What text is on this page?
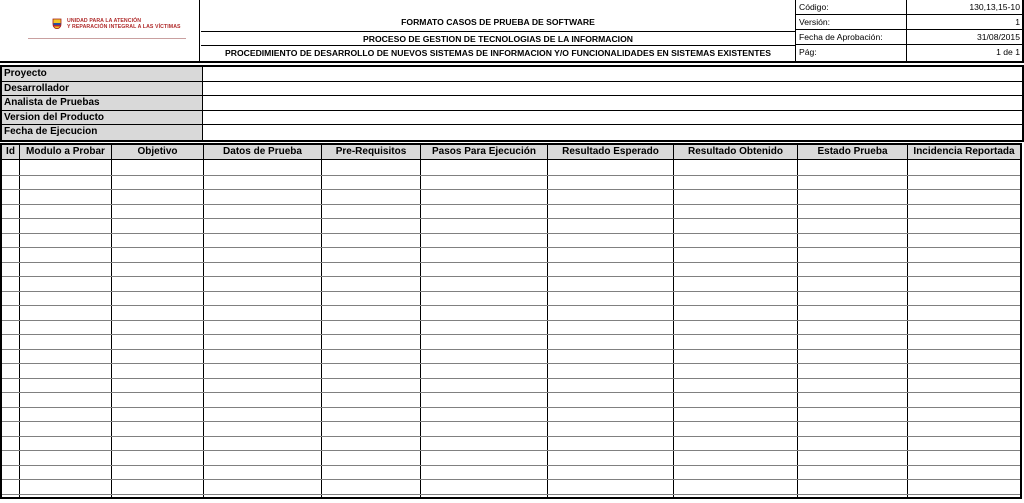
UNIDAD PARA LA ATENCIÓN
Y REPARACIÓN INTEGRAL A LAS VÍCTIMAS	FORMATO CASOS DE PRUEBA DE SOFTWARE
PROCESO DE GESTION DE TECNOLOGIAS DE LA INFORMACION
PROCEDIMIENTO DE DESARROLLO DE NUEVOS SISTEMAS DE INFORMACION Y/O FUNCIONALIDADES EN SISTEMAS EXISTENTES
Código:	130,13,15-10
Versión:	1
Fecha de Aprobación:	31/08/2015
Pág:	1 de 1
Proyecto
Desarrollador
Analista de Pruebas
Version del Producto
Fecha de Ejecucion
Id	Modulo a Probar	Objetivo	Datos de Prueba	Pre-Requisitos	Pasos Para Ejecución	Resultado Esperado	Resultado Obtenido	Estado Prueba	Incidencia Reportada
